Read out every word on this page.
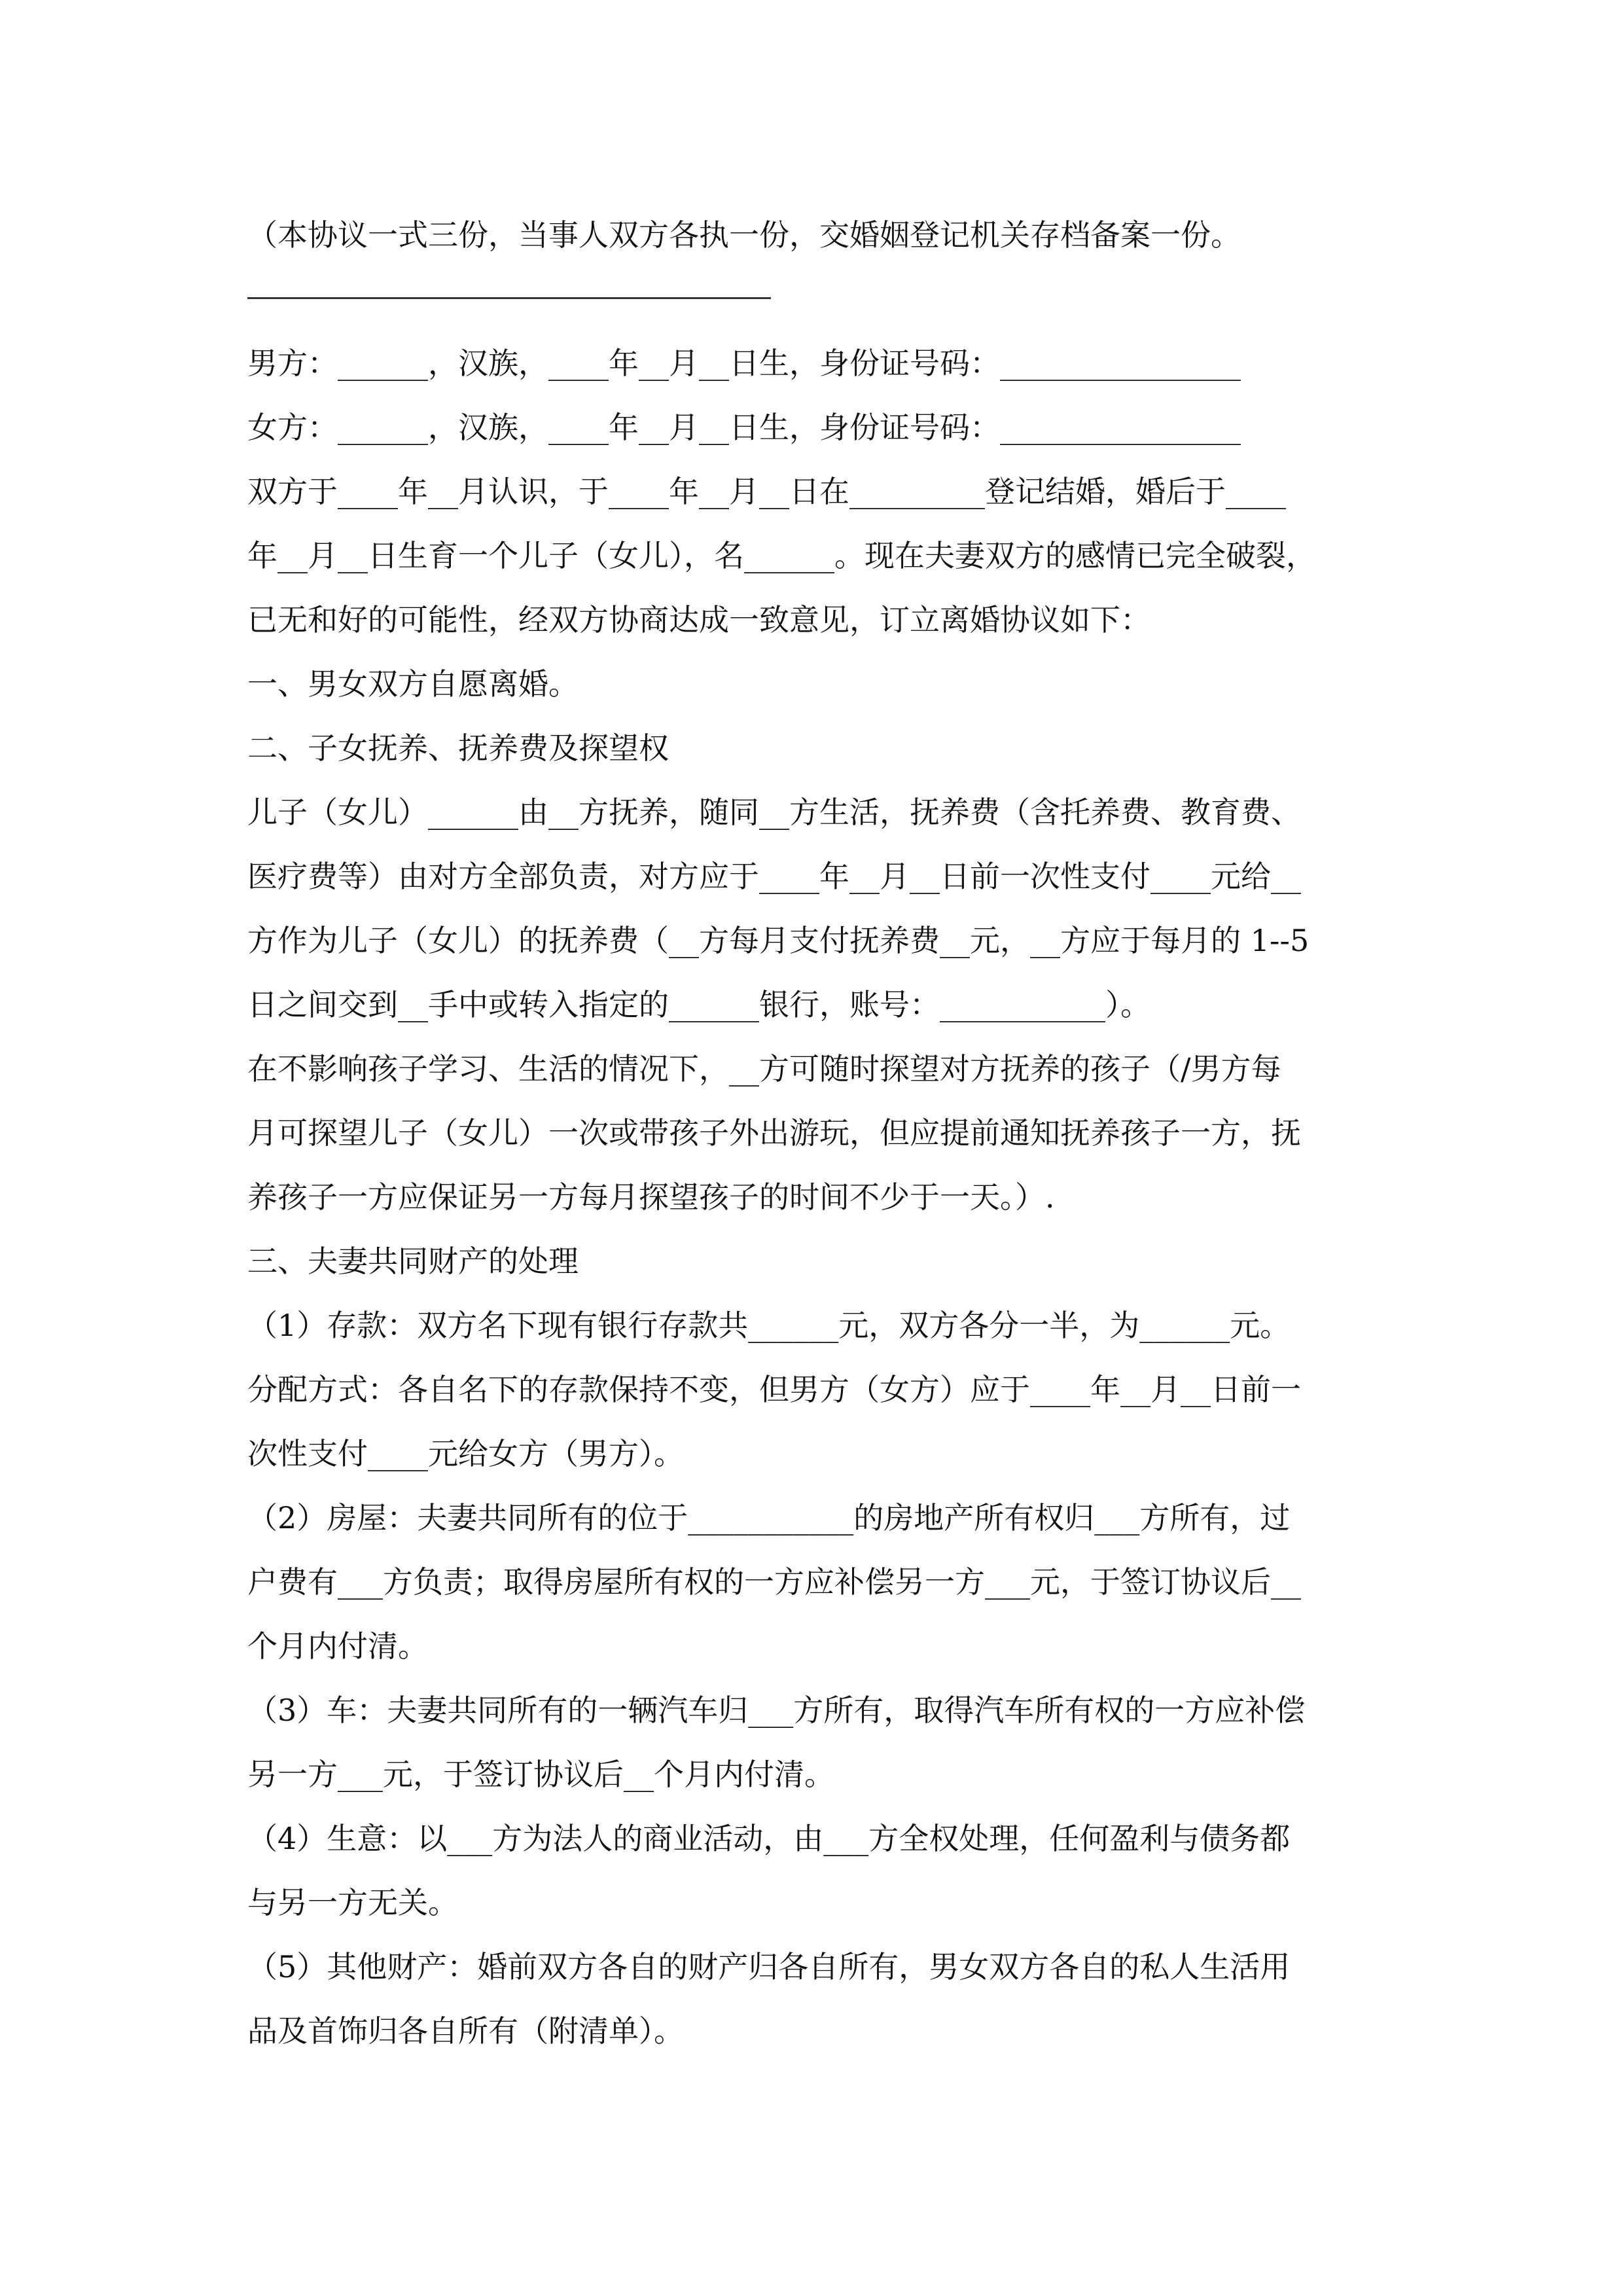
（本协议一式三份，当事人双方各执一份，交婚姻登记机关存档备案一份。
男方：______，汉族，____年__月__日生，身份证号码：________________
女方：______，汉族，____年__月__日生，身份证号码：________________
双方于____年__月认识，于____年__月__日在_________登记结婚，婚后于____
年__月__日生育一个儿子（女儿），名______。现在夫妻双方的感情已完全破裂，
已无和好的可能性，经双方协商达成一致意见，订立离婚协议如下：
一、男女双方自愿离婚。
二、子女抚养、抚养费及探望权
儿子（女儿）______由__方抚养，随同__方生活，抚养费（含托养费、教育费、
医疗费等）由对方全部负责，对方应于____年__月__日前一次性支付____元给__
方作为儿子（女儿）的抚养费（__方每月支付抚养费__元，__方应于每月的 1--5
日之间交到__手中或转入指定的______银行，账号：___________）。
在不影响孩子学习、生活的情况下，__方可随时探望对方抚养的孩子（/男方每
月可探望儿子（女儿）一次或带孩子外出游玩，但应提前通知抚养孩子一方，抚
养孩子一方应保证另一方每月探望孩子的时间不少于一天。）.
三、夫妻共同财产的处理
（1）存款：双方名下现有银行存款共______元，双方各分一半，为______元。
分配方式：各自名下的存款保持不变，但男方（女方）应于____年__月__日前一
次性支付____元给女方（男方）。
（2）房屋：夫妻共同所有的位于___________的房地产所有权归___方所有，过
户费有___方负责；取得房屋所有权的一方应补偿另一方___元，于签订协议后__
个月内付清。
（3）车：夫妻共同所有的一辆汽车归___方所有，取得汽车所有权的一方应补偿
另一方___元，于签订协议后__个月内付清。
（4）生意：以___方为法人的商业活动，由___方全权处理，任何盈利与债务都
与另一方无关。
（5）其他财产：婚前双方各自的财产归各自所有，男女双方各自的私人生活用
品及首饰归各自所有（附清单）。
